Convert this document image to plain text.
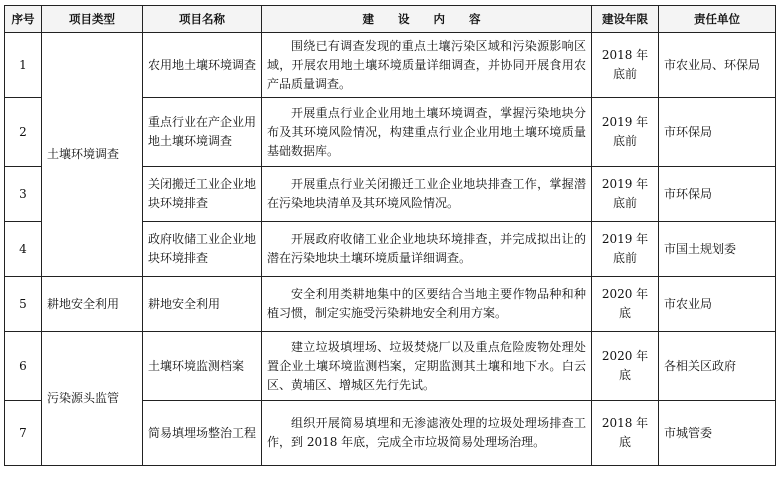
序号	项目类型	项目名称	建 设 内 容	建设年限	责任单位
1	土壤环境调查	农用地土壤环境调查	围绕已有调查发现的重点土壤污染区域和污染源影响区域，开展农用地土壤环境质量详细调查，并协同开展食用农产品质量调查。	2018 年底前	市农业局、环保局
2		重点行业在产企业用地土壤环境调查	开展重点行业企业用地土壤环境调查，掌握污染地块分布及其环境风险情况，构建重点行业企业用地土壤环境质量基础数据库。	2019 年底前	市环保局
3		关闭搬迁工业企业地块环境排查	开展重点行业关闭搬迁工业企业地块排查工作，掌握潜在污染地块清单及其环境风险情况。	2019 年底前	市环保局
4		政府收储工业企业地块环境排查	开展政府收储工业企业地块环境排查，并完成拟出让的潜在污染地块土壤环境质量详细调查。	2019 年底前	市国土规划委
5	耕地安全利用	耕地安全利用	安全利用类耕地集中的区要结合当地主要作物品种和种植习惯，制定实施受污染耕地安全利用方案。	2020 年底	市农业局
6	污染源头监管	土壤环境监测档案	建立垃圾填埋场、垃圾焚烧厂以及重点危险废物处理处置企业土壤环境监测档案，定期监测其土壤和地下水。白云区、黄埔区、增城区先行先试。	2020 年底	各相关区政府
7		简易填埋场整治工程	组织开展简易填埋和无渗滤液处理的垃圾处理场排查工作，到 2018 年底，完成全市垃圾简易处理场治理。	2018 年底	市城管委
